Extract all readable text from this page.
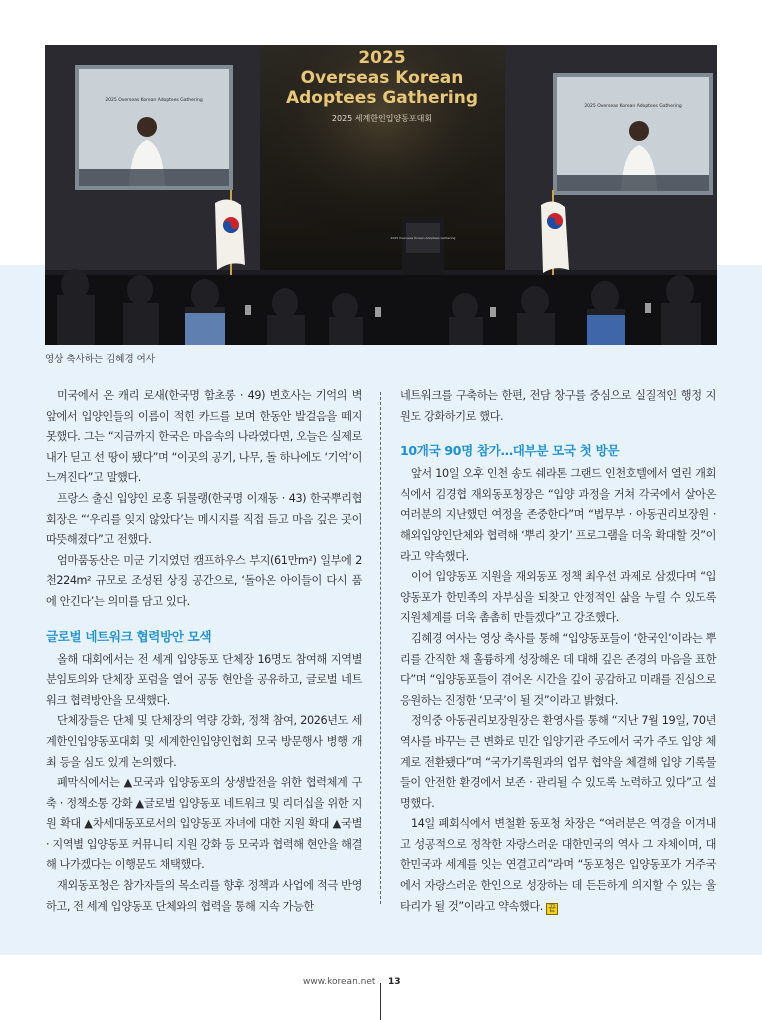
2025
Overseas Korean
Adoptees Gathering
2025 세계한인입양동포대회
2025 Overseas Korean Adoptees Gathering
2025 Overseas Korean Adoptees Gathering
2025 Overseas Korean Adoptees Gathering
영상 축사하는 김혜경 여사

미국에서 온 캐리 로새(한국명 함초롱 · 49) 변호사는 기억의 벽 앞에서 입양인들의 이름이 적힌 카드를 보며 한동안 발걸음을 떼지 못했다. 그는 “지금까지 한국은 마음속의 나라였다면, 오늘은 실제로 내가 딛고 선 땅이 됐다”며 “이곳의 공기, 나무, 돌 하나에도 ‘기억’이 느껴진다”고 말했다.

프랑스 출신 입양인 로홍 뒤물랭(한국명 이재동 · 43) 한국뿌리협회장은 “‘우리를 잊지 않았다’는 메시지를 직접 듣고 마음 깊은 곳이 따뜻해졌다”고 전했다.

엄마품동산은 미군 기지였던 캠프하우스 부지(61만m²) 일부에 2천224m² 규모로 조성된 상징 공간으로, ‘돌아온 아이들이 다시 품에 안긴다’는 의미를 담고 있다.

글로벌 네트워크 협력방안 모색

올해 대회에서는 전 세계 입양동포 단체장 16명도 참여해 지역별 분임토의와 단체장 포럼을 열어 공동 현안을 공유하고, 글로벌 네트워크 협력방안을 모색했다.

단체장들은 단체 및 단체장의 역량 강화, 정책 참여, 2026년도 세계한인입양동포대회 및 세계한인입양인협회 모국 방문행사 병행 개최 등을 심도 있게 논의했다.

폐막식에서는 ▲모국과 입양동포의 상생발전을 위한 협력체계 구축 · 정책소통 강화 ▲글로벌 입양동포 네트워크 및 리더십을 위한 지원 확대 ▲차세대동포로서의 입양동포 자녀에 대한 지원 확대 ▲국별 · 지역별 입양동포 커뮤니티 지원 강화 등 모국과 협력해 현안을 해결해 나가겠다는 이행문도 채택했다.

재외동포청은 참가자들의 목소리를 향후 정책과 사업에 적극 반영하고, 전 세계 입양동포 단체와의 협력을 통해 지속 가능한

네트워크를 구축하는 한편, 전담 창구를 중심으로 실질적인 행정 지원도 강화하기로 했다.

10개국 90명 참가…대부분 모국 첫 방문

앞서 10일 오후 인천 송도 쉐라톤 그랜드 인천호텔에서 열린 개회식에서 김경협 재외동포청장은 “입양 과정을 거쳐 각국에서 살아온 여러분의 지난했던 여정을 존중한다”며 “법무부 · 아동권리보장원 · 해외입양인단체와 협력해 ‘뿌리 찾기’ 프로그램을 더욱 확대할 것”이라고 약속했다.

이어 입양동포 지원을 재외동포 정책 최우선 과제로 삼겠다며 “입양동포가 한민족의 자부심을 되찾고 안정적인 삶을 누릴 수 있도록 지원체계를 더욱 촘촘히 만들겠다”고 강조했다.

김혜경 여사는 영상 축사를 통해 “입양동포들이 ‘한국인’이라는 뿌리를 간직한 채 훌륭하게 성장해온 데 대해 깊은 존경의 마음을 표한다”며 “입양동포들이 겪어온 시간을 깊이 공감하고 미래를 진심으로 응원하는 진정한 ‘모국’이 될 것”이라고 밝혔다.

정익중 아동권리보장원장은 환영사를 통해 “지난 7월 19일, 70년 역사를 바꾸는 큰 변화로 민간 입양기관 주도에서 국가 주도 입양 체계로 전환됐다”며 “국가기록원과의 업무 협약을 체결해 입양 기록물들이 안전한 환경에서 보존 · 관리될 수 있도록 노력하고 있다”고 설명했다.

14일 폐회식에서 변철환 동포청 차장은 “여러분은 역경을 이겨내고 성공적으로 정착한 자랑스러운 대한민국의 역사 그 자체이며, 대한민국과 세계를 잇는 연결고리”라며 “동포청은 입양동포가 거주국에서 자랑스러운 한인으로 성장하는 데 든든하게 의지할 수 있는 울타리가 될 것”이라고 약속했다. 끝

www.korean.net	13
